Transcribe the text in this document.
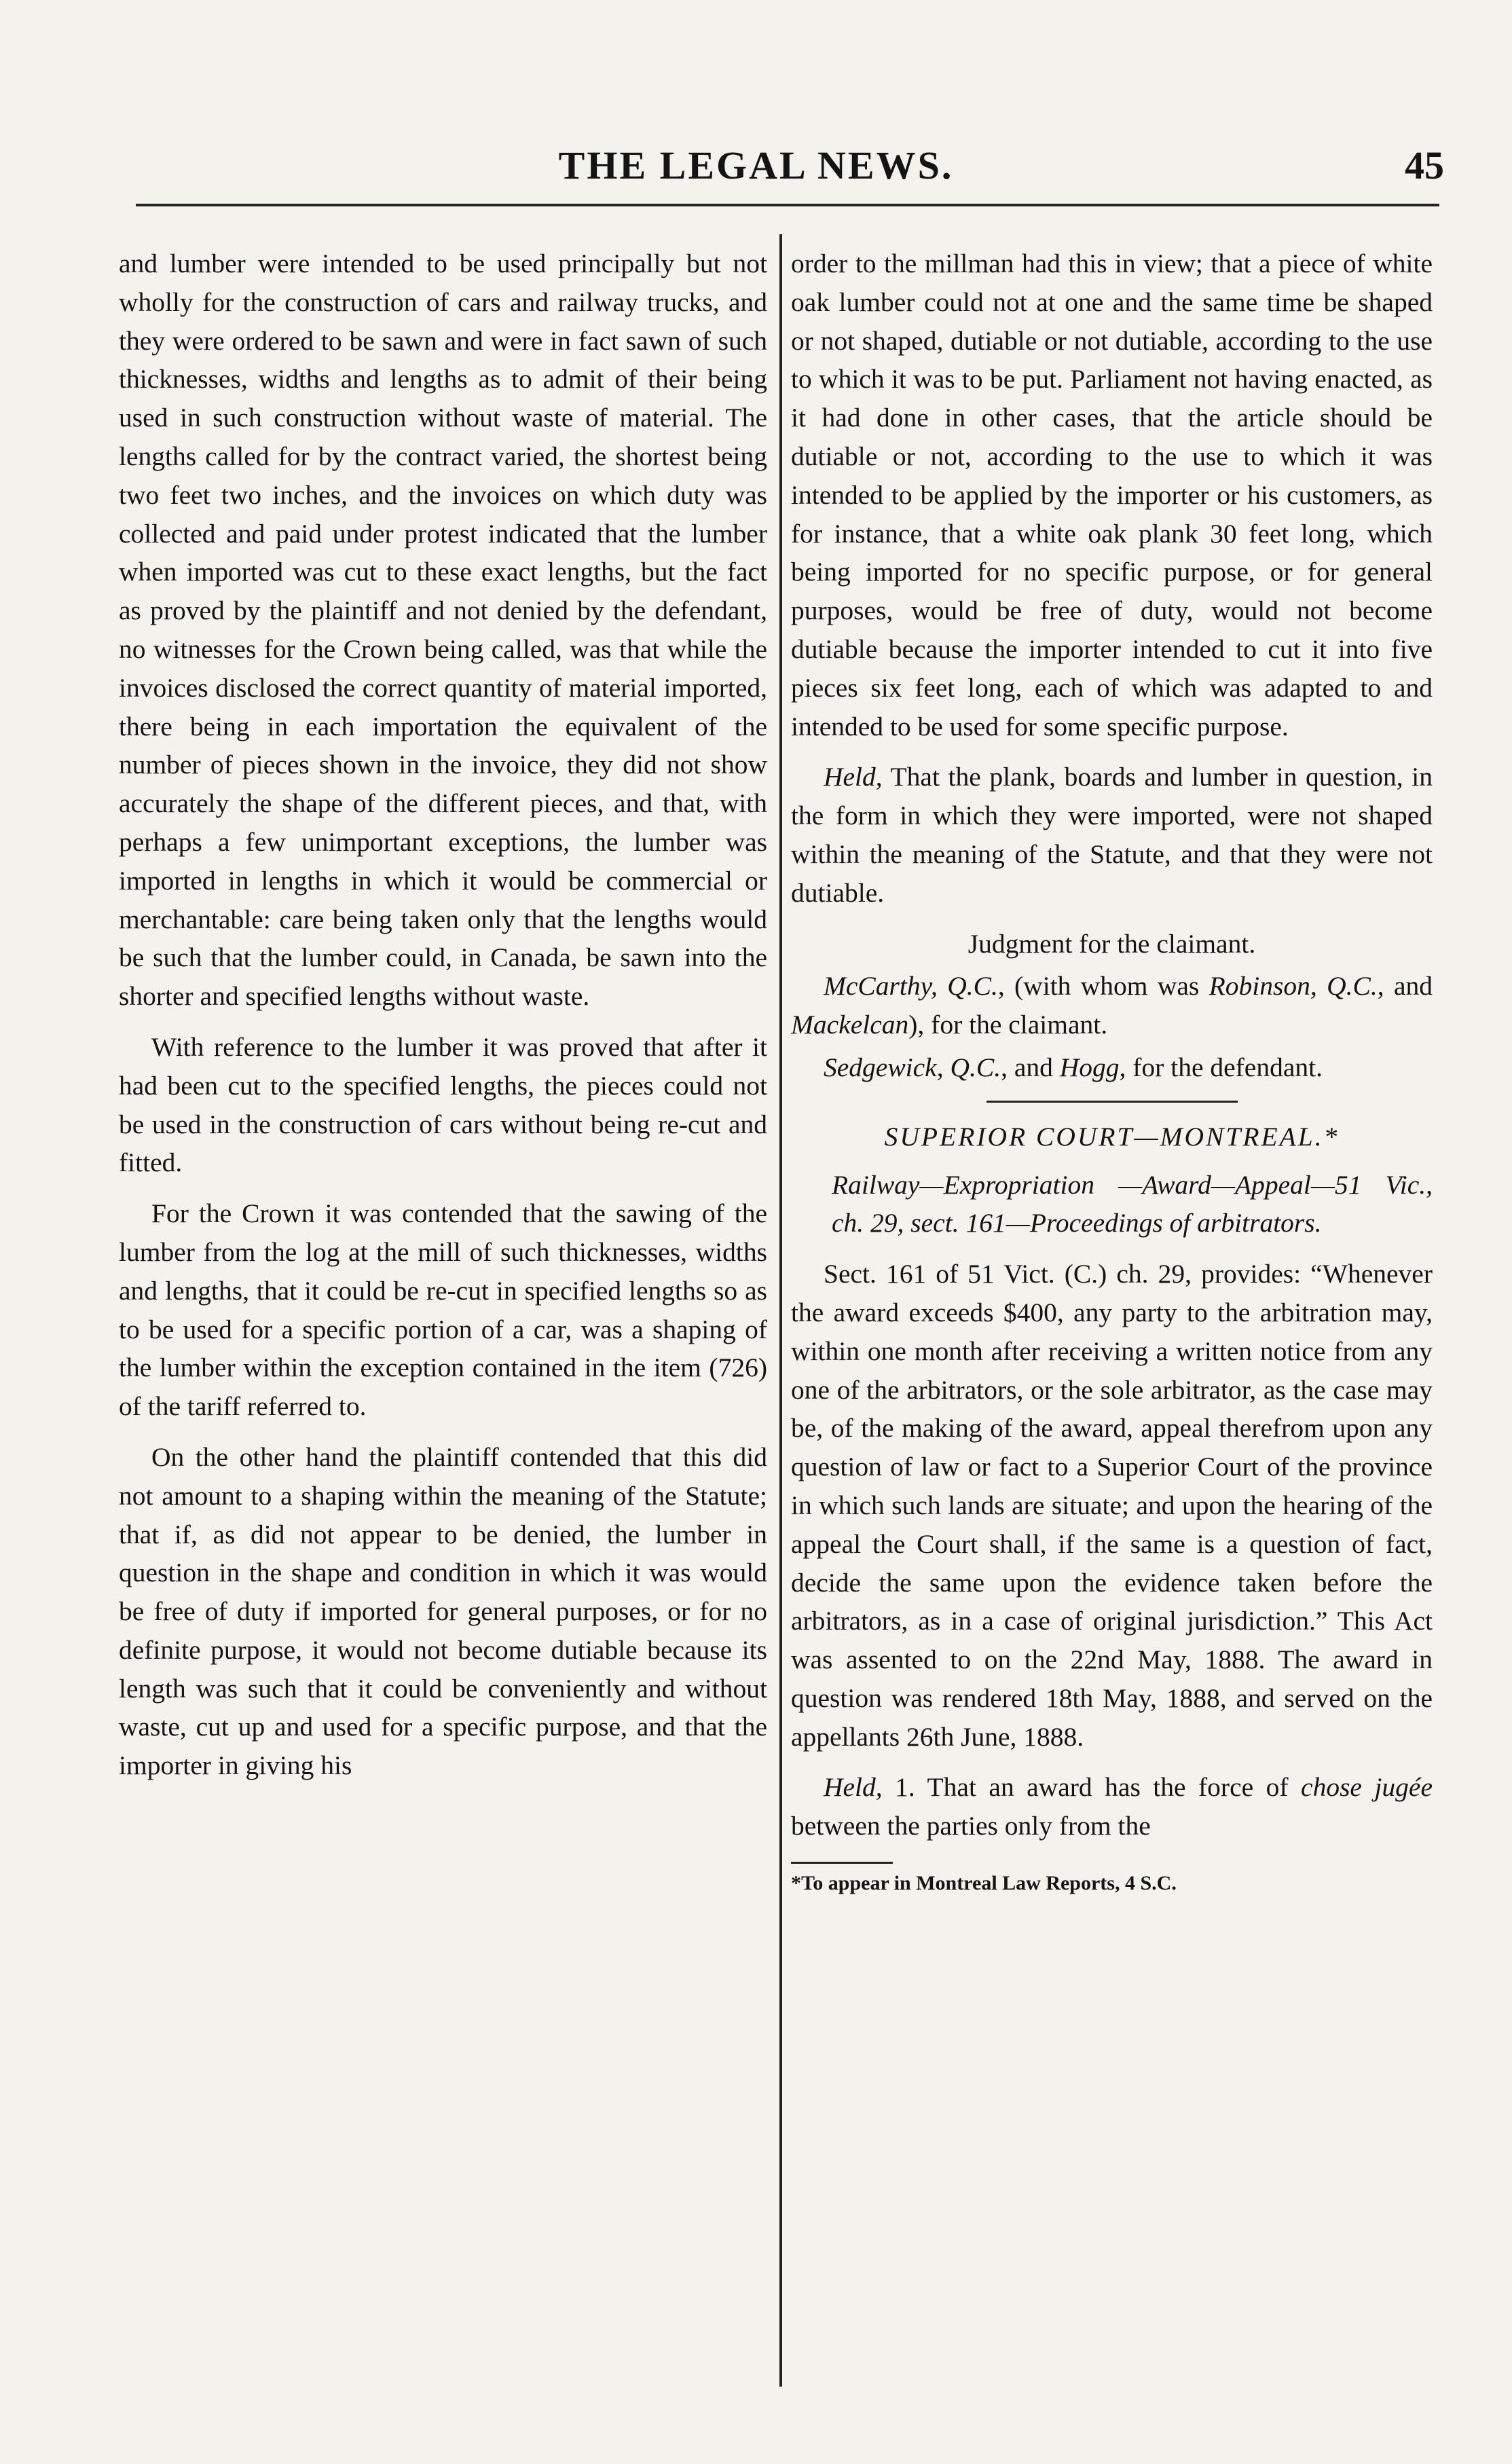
THE LEGAL NEWS.	45

and lumber were intended to be used principally but not wholly for the construction of cars and railway trucks, and they were ordered to be sawn and were in fact sawn of such thicknesses, widths and lengths as to admit of their being used in such construction without waste of material. The lengths called for by the contract varied, the shortest being two feet two inches, and the invoices on which duty was collected and paid under protest indicated that the lumber when imported was cut to these exact lengths, but the fact as proved by the plaintiff and not denied by the defendant, no witnesses for the Crown being called, was that while the invoices disclosed the correct quantity of material imported, there being in each importation the equivalent of the number of pieces shown in the invoice, they did not show accurately the shape of the different pieces, and that, with perhaps a few unimportant exceptions, the lumber was imported in lengths in which it would be commercial or merchantable: care being taken only that the lengths would be such that the lumber could, in Canada, be sawn into the shorter and specified lengths without waste.

With reference to the lumber it was proved that after it had been cut to the specified lengths, the pieces could not be used in the construction of cars without being re-cut and fitted.

For the Crown it was contended that the sawing of the lumber from the log at the mill of such thicknesses, widths and lengths, that it could be re-cut in specified lengths so as to be used for a specific portion of a car, was a shaping of the lumber within the exception contained in the item (726) of the tariff referred to.

On the other hand the plaintiff contended that this did not amount to a shaping within the meaning of the Statute; that if, as did not appear to be denied, the lumber in question in the shape and condition in which it was would be free of duty if imported for general purposes, or for no definite purpose, it would not become dutiable because its length was such that it could be conveniently and without waste, cut up and used for a specific purpose, and that the importer in giving his

order to the millman had this in view; that a piece of white oak lumber could not at one and the same time be shaped or not shaped, dutiable or not dutiable, according to the use to which it was to be put. Parliament not having enacted, as it had done in other cases, that the article should be dutiable or not, according to the use to which it was intended to be applied by the importer or his customers, as for instance, that a white oak plank 30 feet long, which being imported for no specific purpose, or for general purposes, would be free of duty, would not become dutiable because the importer intended to cut it into five pieces six feet long, each of which was adapted to and intended to be used for some specific purpose.

Held, That the plank, boards and lumber in question, in the form in which they were imported, were not shaped within the meaning of the Statute, and that they were not dutiable.

Judgment for the claimant.

McCarthy, Q.C., (with whom was Robinson, Q.C., and Mackelcan), for the claimant.

Sedgewick, Q.C., and Hogg, for the defendant.

SUPERIOR COURT—MONTREAL.*

Railway—Expropriation —Award—Appeal—51 Vic., ch. 29, sect. 161—Proceedings of arbitrators.

Sect. 161 of 51 Vict. (C.) ch. 29, provides: “Whenever the award exceeds $400, any party to the arbitration may, within one month after receiving a written notice from any one of the arbitrators, or the sole arbitrator, as the case may be, of the making of the award, appeal therefrom upon any question of law or fact to a Superior Court of the province in which such lands are situate; and upon the hearing of the appeal the Court shall, if the same is a question of fact, decide the same upon the evidence taken before the arbitrators, as in a case of original jurisdiction.” This Act was assented to on the 22nd May, 1888. The award in question was rendered 18th May, 1888, and served on the appellants 26th June, 1888.

Held, 1. That an award has the force of chose jugée between the parties only from the

*To appear in Montreal Law Reports, 4 S.C.
